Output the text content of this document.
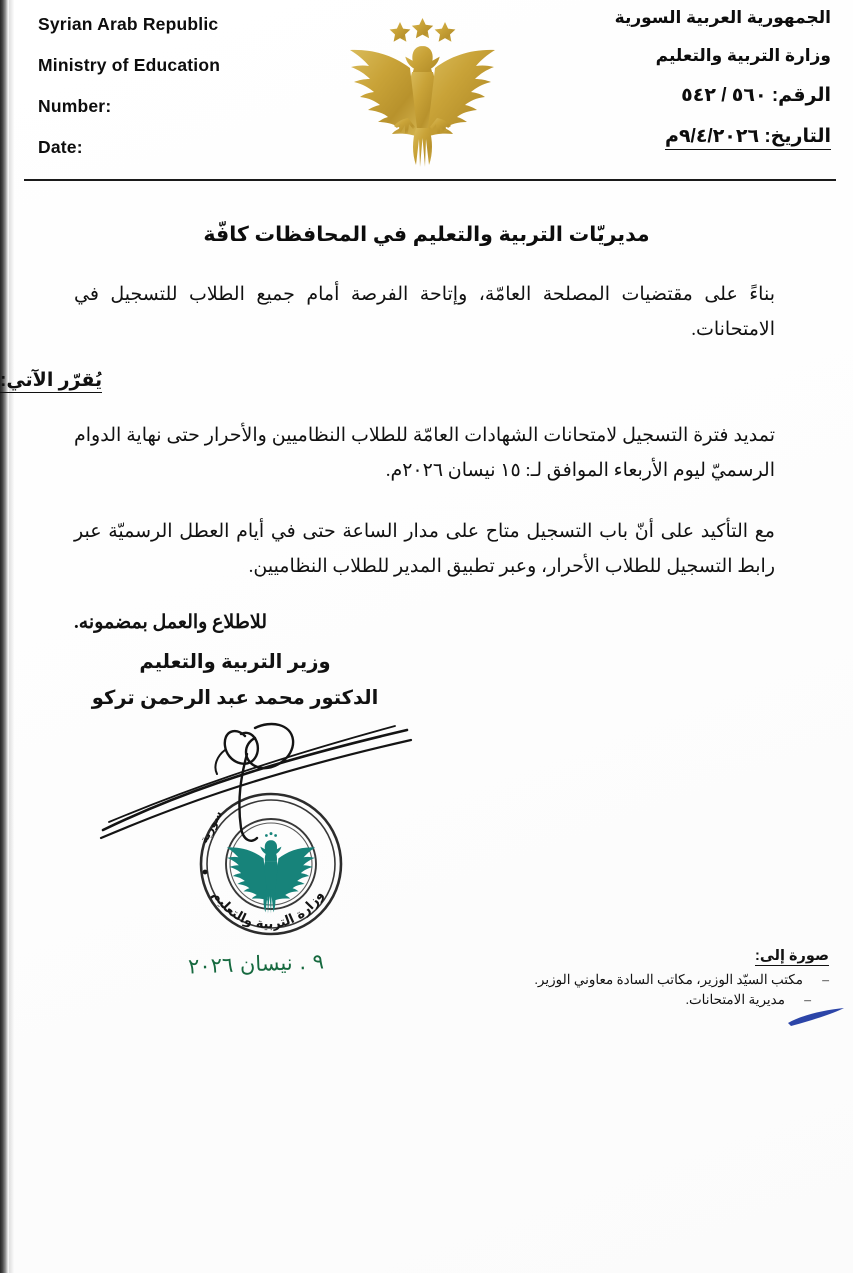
Syrian Arab Republic
Ministry of Education
Number:
Date:
الجمهورية العربية السورية
وزارة التربية والتعليم
الرقم: ٥٦٠ / ٥٤٢
التاريخ: ٩/٤/٢٠٢٦م
مديريّات التربية والتعليم في المحافظات كافّة
بناءً على مقتضيات المصلحة العامّة، وإتاحة الفرصة أمام جميع الطلاب للتسجيل في الامتحانات.
يُقرّر الآتي:
تمديد فترة التسجيل لامتحانات الشهادات العامّة للطلاب النظاميين والأحرار حتى نهاية الدوام الرسميّ ليوم الأربعاء الموافق لـ: ١٥ نيسان ٢٠٢٦م.
مع التأكيد على أنّ باب التسجيل متاح على مدار الساعة حتى في أيام العطل الرسميّة عبر رابط التسجيل للطلاب الأحرار، وعبر تطبيق المدير للطلاب النظاميين.
للاطلاع والعمل بمضمونه.
وزير التربية والتعليم
الدكتور محمد عبد الرحمن تركو
وزارة التربية والتعليم
سورية
٩ . نيسان ٢٠٢٦	صورة إلى:
–مكتب السيّد الوزير، مكاتب السادة معاوني الوزير.
–مديرية الامتحانات.
